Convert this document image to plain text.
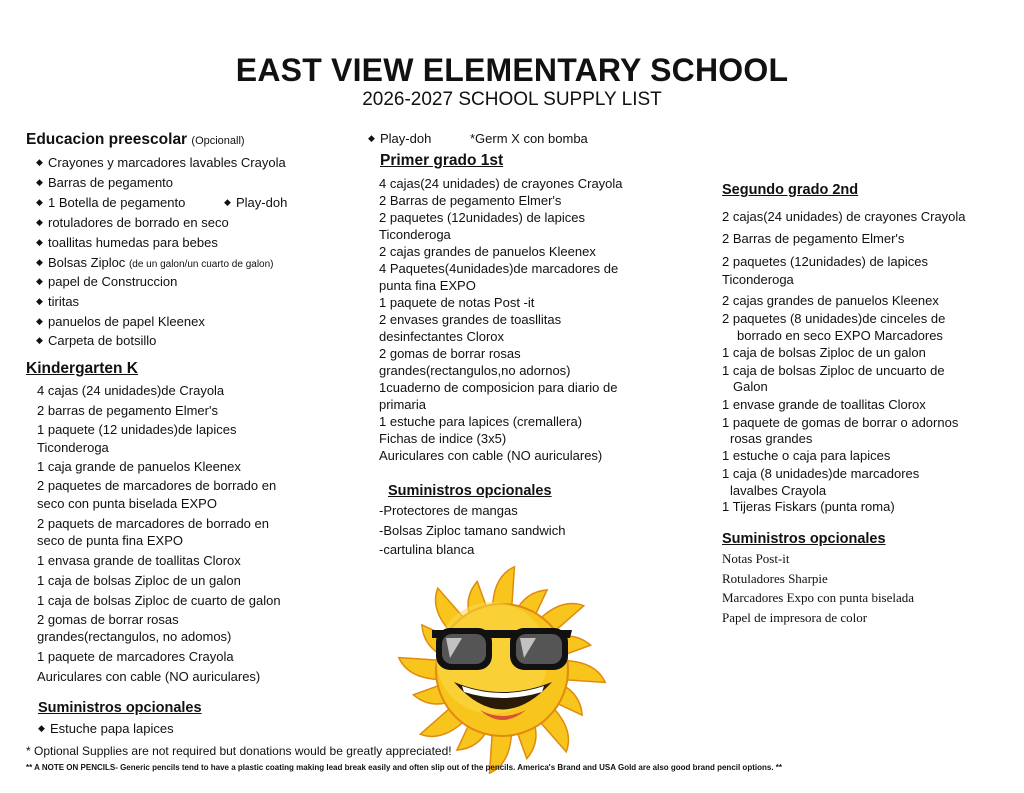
EAST VIEW ELEMENTARY SCHOOL
2026-2027 SCHOOL SUPPLY LIST
Educacion preescolar (Opcionall)
◆ Crayones y marcadores lavables Crayola
◆ Barras de pegamento
◆ 1 Botella de pegamento	◆ Play-doh
◆ rotuladores de borrado en seco
◆ toallitas humedas para bebes
◆ Bolsas Ziploc (de un galon/un cuarto de galon)
◆ papel de Construccion
◆ tiritas
◆ panuelos de papel Kleenex
◆ Carpeta de botsillo
Kindergarten K
4 cajas (24 unidades)de Crayola
2 barras de pegamento Elmer's
1 paquete (12 unidades)de lapices
Ticonderoga
1 caja grande de panuelos Kleenex
2 paquetes de marcadores de borrado en
seco con punta biselada EXPO
2 paquets de marcadores de borrado en
seco de punta fina EXPO
1 envasa grande de toallitas Clorox
1 caja de bolsas Ziploc de un galon
1 caja de bolsas Ziploc de cuarto de galon
2 gomas de borrar rosas
grandes(rectangulos, no adomos)
1 paquete de marcadores Crayola
Auriculares con cable (NO auriculares)
Suministros opcionales
◆ Estuche papa lapices
◆ Play-doh	*Germ X con bomba
Primer grado 1st
4 cajas(24 unidades) de crayones Crayola
2 Barras de pegamento Elmer's
2 paquetes (12unidades) de lapices
Ticonderoga
2 cajas grandes de panuelos Kleenex
4 Paquetes(4unidades)de marcadores de
punta fina EXPO
1 paquete de notas Post -it
2 envases grandes de toasllitas
desinfectantes Clorox
2 gomas de borrar rosas
grandes(rectangulos,no adornos)
1cuaderno de composicion para diario de
primaria
1 estuche para lapices (cremallera)
Fichas de indice (3x5)
Auriculares con cable (NO auriculares)
Suministros opcionales
-Protectores de mangas
-Bolsas Ziploc tamano sandwich
-cartulina blanca
Segundo grado 2nd
2 cajas(24 unidades) de crayones Crayola
2 Barras de pegamento Elmer's
2 paquetes (12unidades) de lapices
Ticonderoga
2 cajas grandes de panuelos Kleenex
2 paquetes (8 unidades)de cinceles de
borrado en seco EXPO Marcadores
1 caja de bolsas Ziploc de un galon
1 caja de bolsas Ziploc de uncuarto de
Galon
1 envase grande de toallitas Clorox
1 paquete de gomas de borrar o adornos
rosas grandes
1 estuche o caja para lapices
1 caja (8 unidades)de marcadores
lavalbes Crayola
1 Tijeras Fiskars (punta roma)
Suministros opcionales
Notas Post-it
Rotuladores Sharpie
Marcadores Expo con punta biselada
Papel de impresora de color
* Optional Supplies are not required but donations would be greatly appreciated!
** A NOTE ON PENCILS- Generic pencils tend to have a plastic coating making lead break easily and often slip out of the pencils. America's Brand and USA Gold are also good brand pencil options. **
